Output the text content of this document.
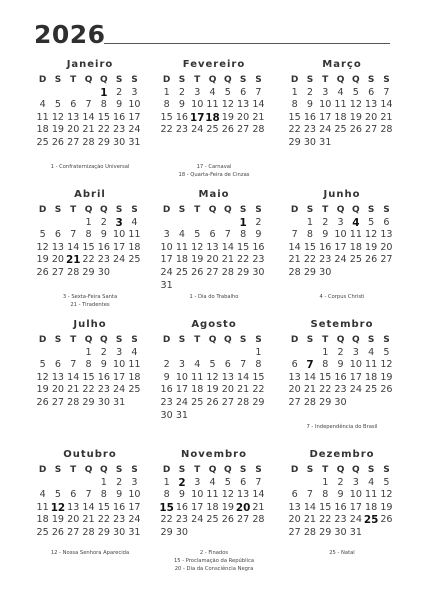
2026
Janeiro
D S T Q Q S S
1 2 3
4 5 6 7 8 9 10
11 12 13 14 15 16 17
18 19 20 21 22 23 24
25 26 27 28 29 30 31
1 - Confraternização Universal
Fevereiro
D S T Q Q S S
1 2 3 4 5 6 7
8 9 10 11 12 13 14
15 16 17 18 19 20 21
22 23 24 25 26 27 28
17 - Carnaval
18 - Quarta-Feira de Cinzas
Março
D S T Q Q S S
1 2 3 4 5 6 7
8 9 10 11 12 13 14
15 16 17 18 19 20 21
22 23 24 25 26 27 28
29 30 31
Abril
D S T Q Q S S
1 2 3 4
5 6 7 8 9 10 11
12 13 14 15 16 17 18
19 20 21 22 23 24 25
26 27 28 29 30
3 - Sexta-Feira Santa
21 - Tiradentes
Maio
D S T Q Q S S
1 2
3 4 5 6 7 8 9
10 11 12 13 14 15 16
17 18 19 20 21 22 23
24 25 26 27 28 29 30
31
1 - Dia do Trabalho
Junho
D S T Q Q S S
1 2 3 4 5 6
7 8 9 10 11 12 13
14 15 16 17 18 19 20
21 22 23 24 25 26 27
28 29 30
4 - Corpus Christi
Julho
D S T Q Q S S
1 2 3 4
5 6 7 8 9 10 11
12 13 14 15 16 17 18
19 20 21 22 23 24 25
26 27 28 29 30 31
Agosto
D S T Q Q S S
1
2 3 4 5 6 7 8
9 10 11 12 13 14 15
16 17 18 19 20 21 22
23 24 25 26 27 28 29
30 31
Setembro
D S T Q Q S S
1 2 3 4 5
6 7 8 9 10 11 12
13 14 15 16 17 18 19
20 21 22 23 24 25 26
27 28 29 30
7 - Independência do Brasil
Outubro
D S T Q Q S S
1 2 3
4 5 6 7 8 9 10
11 12 13 14 15 16 17
18 19 20 21 22 23 24
25 26 27 28 29 30 31
12 - Nossa Senhora Aparecida
Novembro
D S T Q Q S S
1 2 3 4 5 6 7
8 9 10 11 12 13 14
15 16 17 18 19 20 21
22 23 24 25 26 27 28
29 30
2 - Finados
15 - Proclamação da República
20 - Dia da Consciência Negra
Dezembro
D S T Q Q S S
1 2 3 4 5
6 7 8 9 10 11 12
13 14 15 16 17 18 19
20 21 22 23 24 25 26
27 28 29 30 31
25 - Natal
